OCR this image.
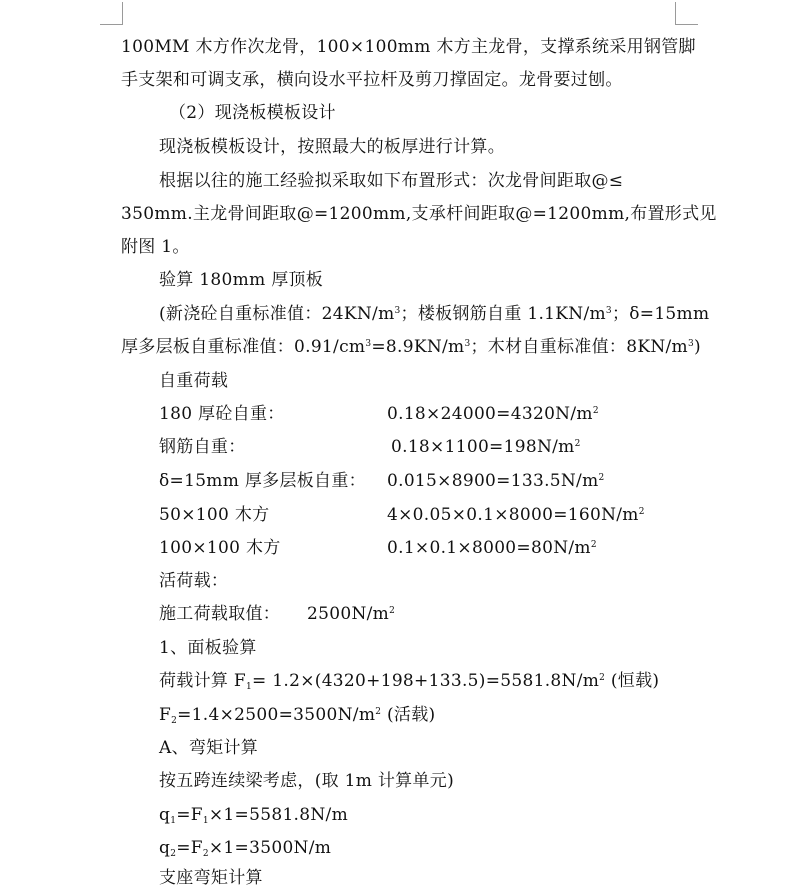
100MM 木方作次龙骨，100×100mm 木方主龙骨，支撑系统采用钢管脚
手支架和可调支承，横向设水平拉杆及剪刀撑固定。龙骨要过刨。
（2）现浇板模板设计
现浇板模板设计，按照最大的板厚进行计算。
根据以往的施工经验拟采取如下布置形式：次龙骨间距取@≤
350mm.主龙骨间距取@=1200mm,支承杆间距取@=1200mm,布置形式见
附图 1。
验算 180mm 厚顶板
(新浇砼自重标准值：$24KN/m^3$；楼板钢筋自重 $1.1KN/m^3$；δ=15mm
厚多层板自重标准值：$0.91/cm^3=8.9KN/m^3$；木材自重标准值：$8KN/m^3$)
自重荷载
180 厚砼自重：	$0.18\times 24000=4320N/m^2$
钢筋自重：	$0.18\times 1100=198N/m^2$
δ=15mm 厚多层板自重： $0.015\times 8900=133.5N/m^2$
50×100 木方	$4\times 0.05\times 0.1\times 8000=160N/m^2$
100×100 木方	$0.1\times 0.1\times 8000=80N/m^2$
活荷载：
施工荷载取值： $2500N/m^2$
1、面板验算
荷载计算 $F_1= 1.2\times(4320+198+133.5)=5581.8N/m^2$ (恒载)
$F_2=1.4\times 2500=3500N/m^2$ (活载)
A、弯矩计算
按五跨连续梁考虑，(取 1m 计算单元)
$q_1=F_1\times 1=5581.8N/m$
$q_2=F_2\times 1=3500N/m$
支座弯矩计算
